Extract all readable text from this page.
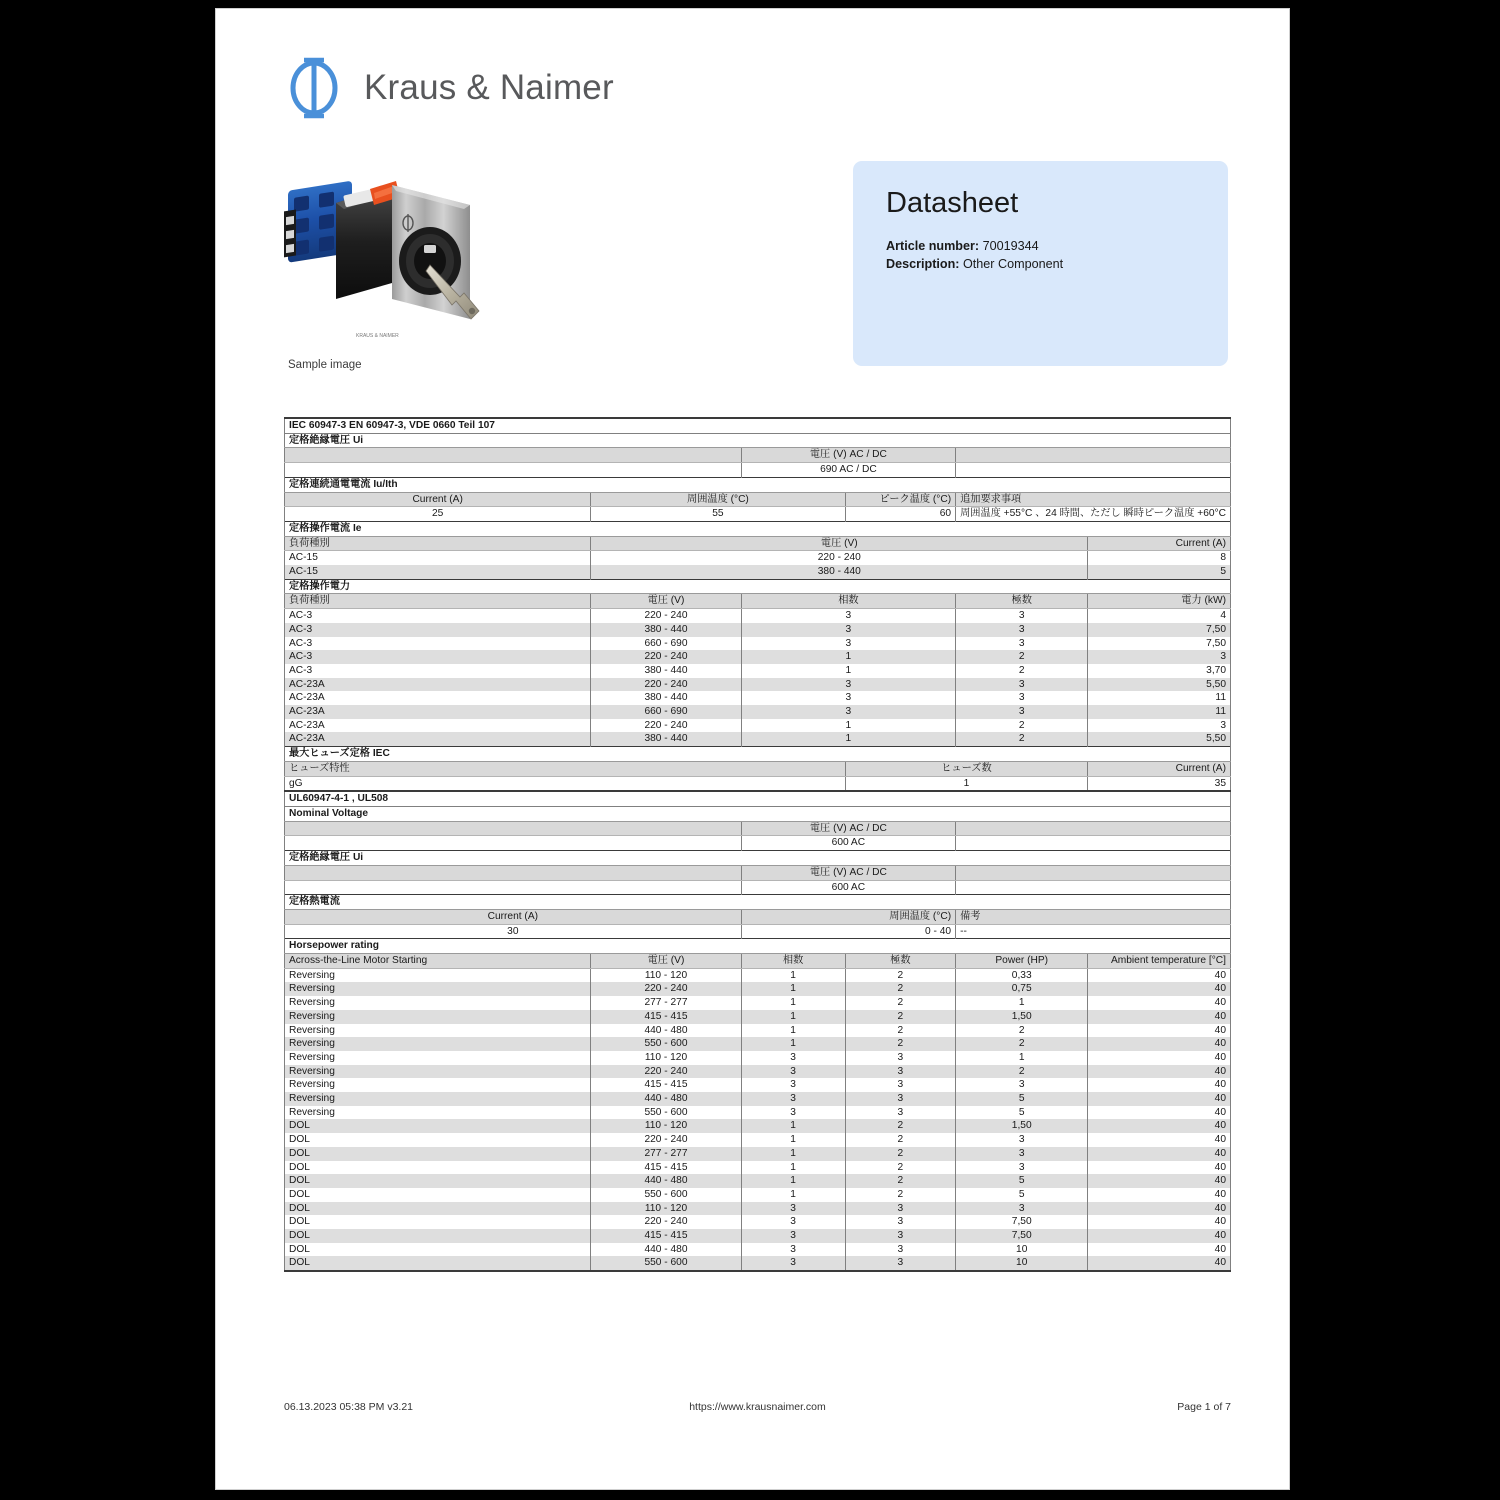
Kraus & Naimer
KRAUS & NAIMER
Sample image
Datasheet
Article number: 70019344
Description: Other Component
IEC 60947-3 EN 60947-3, VDE 0660 Teil 107					
定格絶縁電圧 Ui					
		電圧 (V) AC / DC			
		690 AC / DC			
定格連続通電電流 Iu/Ith					
Current (A)	周囲温度 (°C)		ピーク温度 (°C)	追加要求事項	
25	55		60	周囲温度 +55°C 、24 時間、ただし 瞬時ピーク温度 +60°C	
定格操作電流 Ie					
負荷種別	電圧 (V)				Current (A)
AC-15	220 - 240				8
AC-15	380 - 440				5
定格操作電力					
負荷種別	電圧 (V)	相数		極数	電力 (kW)
AC-3	220 - 240	3		3	4
AC-3	380 - 440	3		3	7,50
AC-3	660 - 690	3		3	7,50
AC-3	220 - 240	1		2	3
AC-3	380 - 440	1		2	3,70
AC-23A	220 - 240	3		3	5,50
AC-23A	380 - 440	3		3	11
AC-23A	660 - 690	3		3	11
AC-23A	220 - 240	1		2	3
AC-23A	380 - 440	1		2	5,50
最大ヒューズ定格 IEC					
ヒューズ特性			ヒューズ数		Current (A)
gG			1		35
UL60947-4-1 , UL508					
Nominal Voltage					
		電圧 (V) AC / DC			
		600 AC			
定格絶縁電圧 Ui					
		電圧 (V) AC / DC			
		600 AC			
定格熱電流					
Current (A)		周囲温度 (°C)		備考	
30		0 - 40		--	
Horsepower rating					
Across-the-Line Motor Starting	電圧 (V)	相数	極数	Power (HP)	Ambient temperature [°C]
Reversing	110 - 120	1	2	0,33	40
Reversing	220 - 240	1	2	0,75	40
Reversing	277 - 277	1	2	1	40
Reversing	415 - 415	1	2	1,50	40
Reversing	440 - 480	1	2	2	40
Reversing	550 - 600	1	2	2	40
Reversing	110 - 120	3	3	1	40
Reversing	220 - 240	3	3	2	40
Reversing	415 - 415	3	3	3	40
Reversing	440 - 480	3	3	5	40
Reversing	550 - 600	3	3	5	40
DOL	110 - 120	1	2	1,50	40
DOL	220 - 240	1	2	3	40
DOL	277 - 277	1	2	3	40
DOL	415 - 415	1	2	3	40
DOL	440 - 480	1	2	5	40
DOL	550 - 600	1	2	5	40
DOL	110 - 120	3	3	3	40
DOL	220 - 240	3	3	7,50	40
DOL	415 - 415	3	3	7,50	40
DOL	440 - 480	3	3	10	40
DOL	550 - 600	3	3	10	40
06.13.2023 05:38 PM v3.21	https://www.krausnaimer.com	Page 1 of 7
